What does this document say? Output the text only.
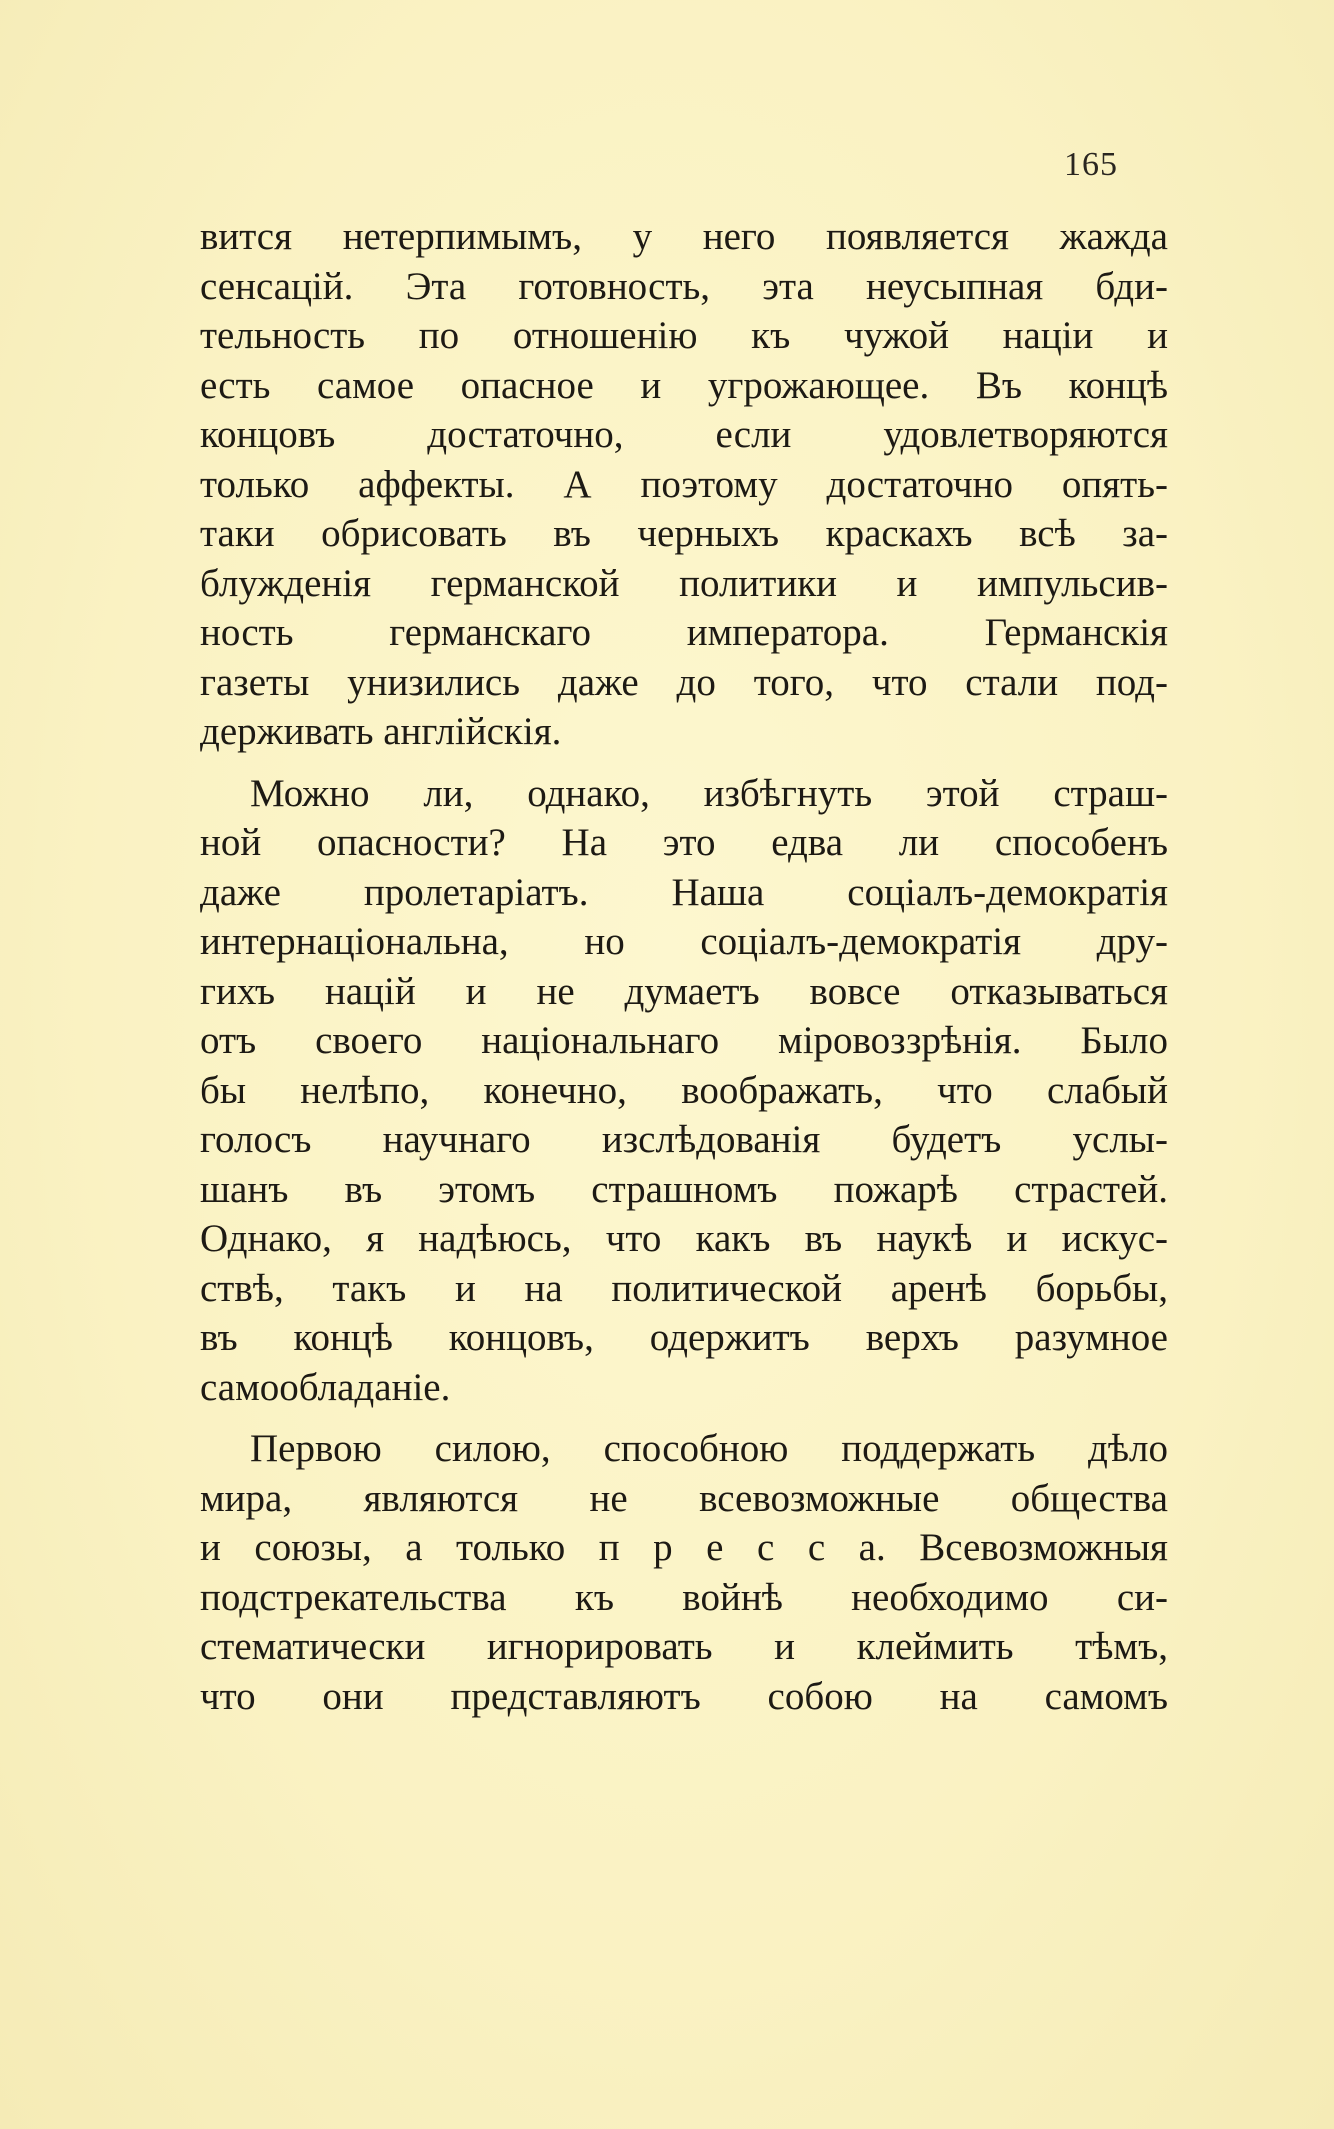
165
вится нетерпимымъ, у него появляется жажда
сенсацій. Эта готовность, эта неусыпная бди-
тельность по отношенію къ чужой націи и
есть самое опасное и угрожающее. Въ концѣ
концовъ достаточно, если удовлетворяются
только аффекты. А поэтому достаточно опять-
таки обрисовать въ черныхъ краскахъ всѣ за-
блужденія германской политики и импульсив-
ность германскаго императора. Германскія
газеты унизились даже до того, что стали под-
держивать англійскія.
Можно ли, однако, избѣгнуть этой страш-
ной опасности? На это едва ли способенъ
даже пролетаріатъ. Наша соціалъ-демократія
интернаціональна, но соціалъ-демократія дру-
гихъ націй и не думаетъ вовсе отказываться
отъ своего національнаго міровоззрѣнія. Было
бы нелѣпо, конечно, воображать, что слабый
голосъ научнаго изслѣдованія будетъ услы-
шанъ въ этомъ страшномъ пожарѣ страстей.
Однако, я надѣюсь, что какъ въ наукѣ и искус-
ствѣ, такъ и на политической аренѣ борьбы,
въ концѣ концовъ, одержитъ верхъ разумное
самообладаніе.
Первою силою, способною поддержать дѣло
мира, являются не всевозможные общества
и союзы, а только п р е с с а. Всевозможныя
подстрекательства къ войнѣ необходимо си-
стематически игнорировать и клеймить тѣмъ,
что они представляютъ собою на самомъ
